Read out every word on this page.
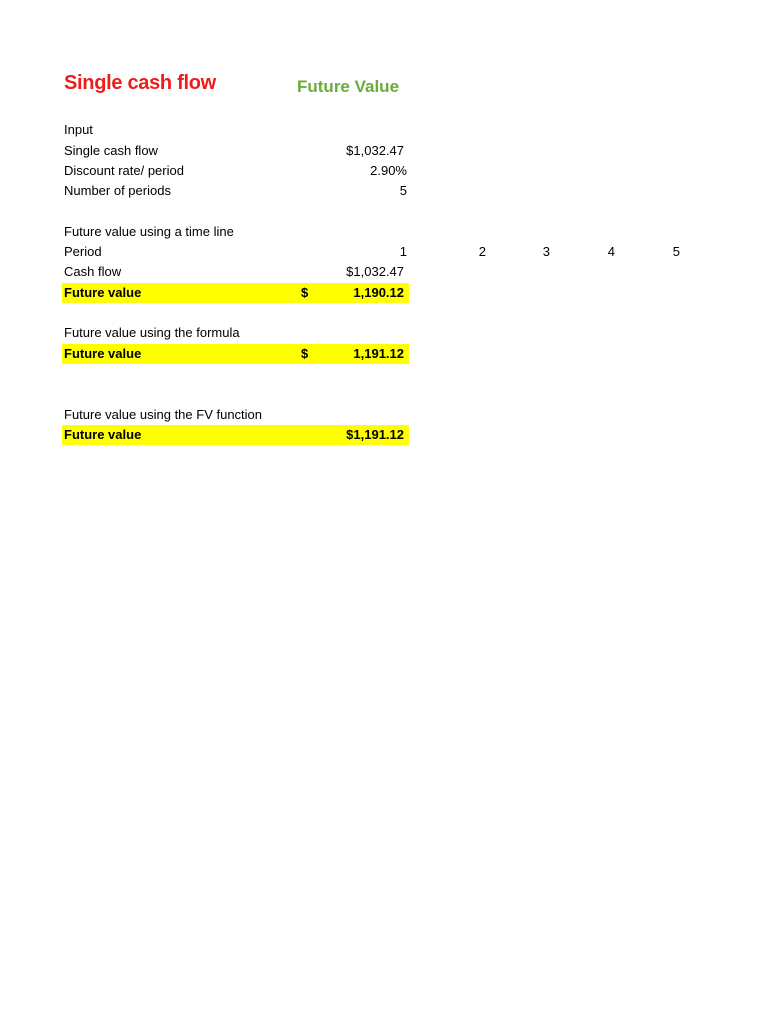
Single cash flow	Future Value
Input
Single cash flow	$1,032.47
Discount rate/ period	2.90%
Number of periods	5
Future value using a time line
Period	1	2	3	4	5
Cash flow	$1,032.47
Future value	$	1,190.12
Future value using the formula
Future value	$	1,191.12
Future value using the FV function
Future value	$1,191.12
